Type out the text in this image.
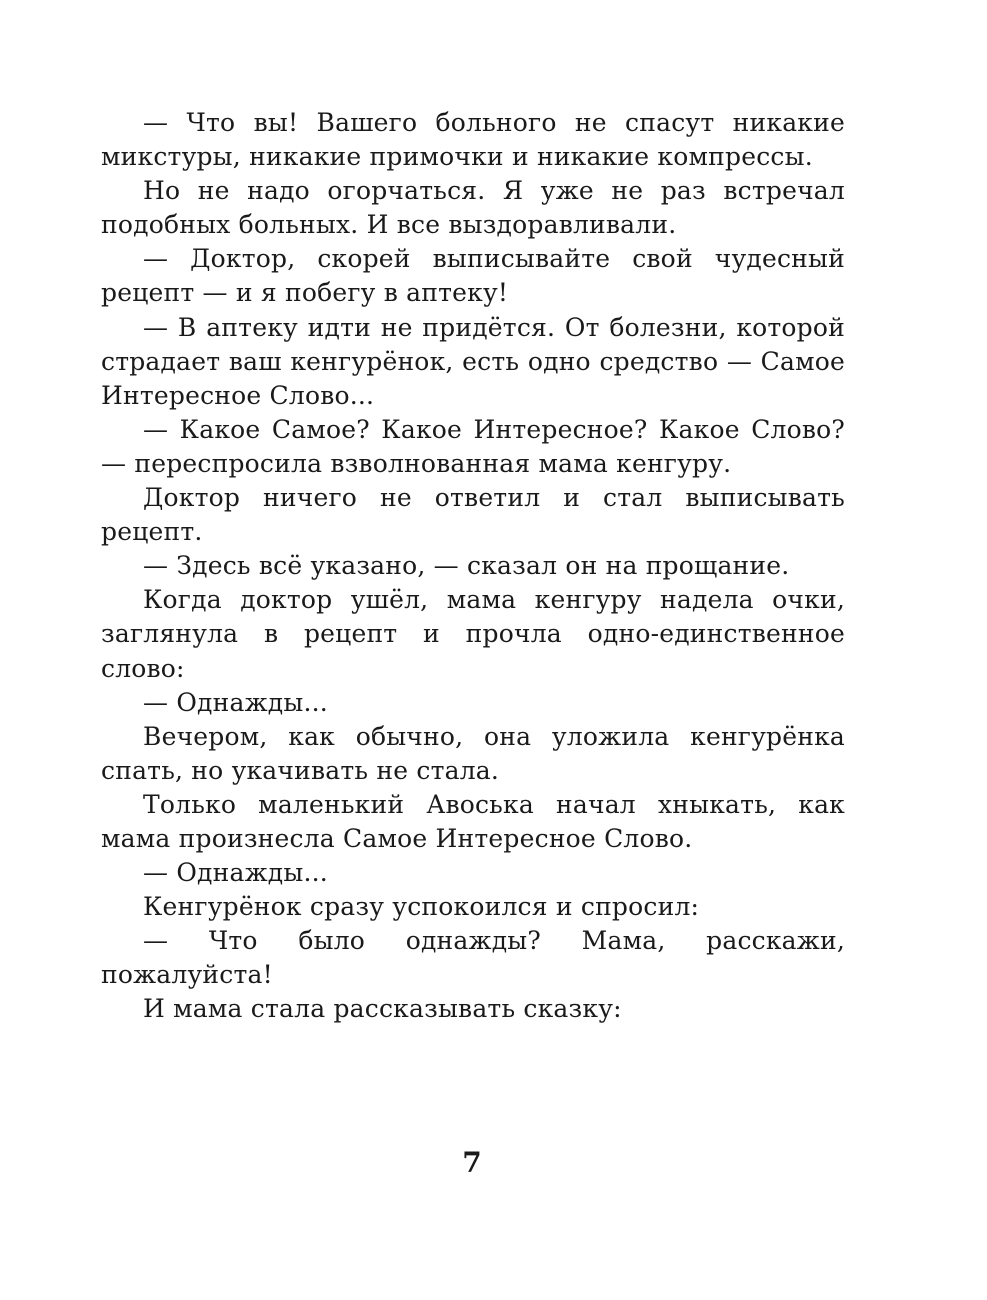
— Что вы! Вашего больного не спасут никакие микстуры, никакие примочки и никакие компрессы.

Но не надо огорчаться. Я уже не раз встречал подобных больных. И все выздоравливали.

— Доктор, скорей выписывайте свой чудесный рецепт — и я побегу в аптеку!

— В аптеку идти не придётся. От болезни, которой страдает ваш кенгурёнок, есть одно средство — Самое Интересное Слово...

— Какое Самое? Какое Интересное? Какое Слово? — переспросила взволнованная мама кенгуру.

Доктор ничего не ответил и стал выписывать рецепт.

— Здесь всё указано, — сказал он на прощание.

Когда доктор ушёл, мама кенгуру надела очки, заглянула в рецепт и прочла одно-единственное слово:

— Однажды...

Вечером, как обычно, она уложила кенгурёнка спать, но укачивать не стала.

Только маленький Авоська начал хныкать, как мама произнесла Самое Интересное Слово.

— Однажды...

Кенгурёнок сразу успокоился и спросил:

— Что было однажды? Мама, расскажи, пожалуйста!

И мама стала рассказывать сказку:

7
